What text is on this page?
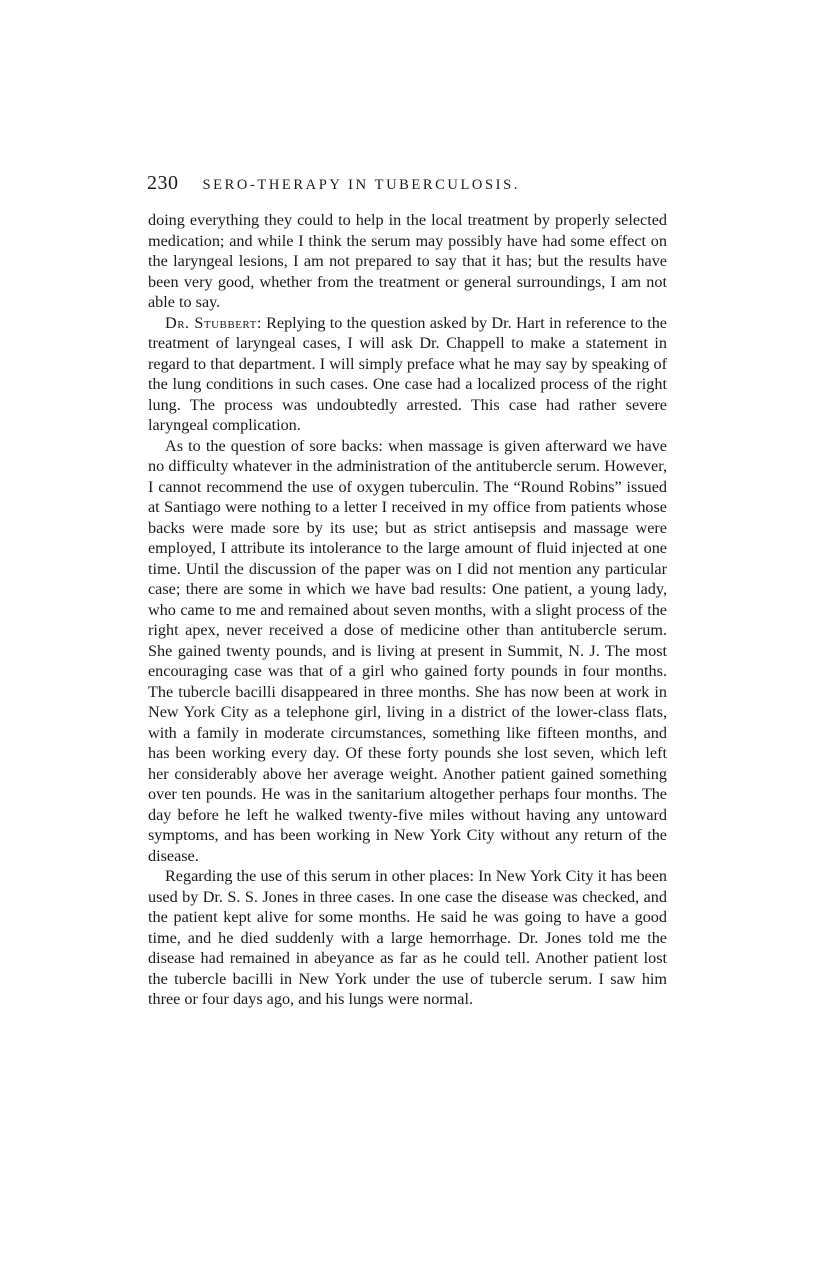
230 SERO-THERAPY IN TUBERCULOSIS.

doing everything they could to help in the local treatment by properly selected medication; and while I think the serum may possibly have had some effect on the laryngeal lesions, I am not prepared to say that it has; but the results have been very good, whether from the treatment or general surroundings, I am not able to say.

Dr. Stubbert: Replying to the question asked by Dr. Hart in reference to the treatment of laryngeal cases, I will ask Dr. Chappell to make a statement in regard to that department. I will simply preface what he may say by speaking of the lung conditions in such cases. One case had a localized process of the right lung. The process was undoubtedly arrested. This case had rather severe laryngeal complication.

As to the question of sore backs: when massage is given afterward we have no difficulty whatever in the administration of the antitubercle serum. However, I cannot recommend the use of oxygen tuberculin. The “Round Robins” issued at Santiago were nothing to a letter I received in my office from patients whose backs were made sore by its use; but as strict antisepsis and massage were employed, I attribute its intolerance to the large amount of fluid injected at one time. Until the discussion of the paper was on I did not mention any particular case; there are some in which we have bad results: One patient, a young lady, who came to me and remained about seven months, with a slight process of the right apex, never received a dose of medicine other than antitubercle serum. She gained twenty pounds, and is living at present in Summit, N. J. The most encouraging case was that of a girl who gained forty pounds in four months. The tubercle bacilli disappeared in three months. She has now been at work in New York City as a telephone girl, living in a district of the lower-class flats, with a family in moderate circumstances, something like fifteen months, and has been working every day. Of these forty pounds she lost seven, which left her considerably above her average weight. Another patient gained something over ten pounds. He was in the sanitarium altogether perhaps four months. The day before he left he walked twenty-five miles without having any untoward symptoms, and has been working in New York City without any return of the disease.

Regarding the use of this serum in other places: In New York City it has been used by Dr. S. S. Jones in three cases. In one case the disease was checked, and the patient kept alive for some months. He said he was going to have a good time, and he died suddenly with a large hemorrhage. Dr. Jones told me the disease had remained in abeyance as far as he could tell. Another patient lost the tubercle bacilli in New York under the use of tubercle serum. I saw him three or four days ago, and his lungs were normal.
